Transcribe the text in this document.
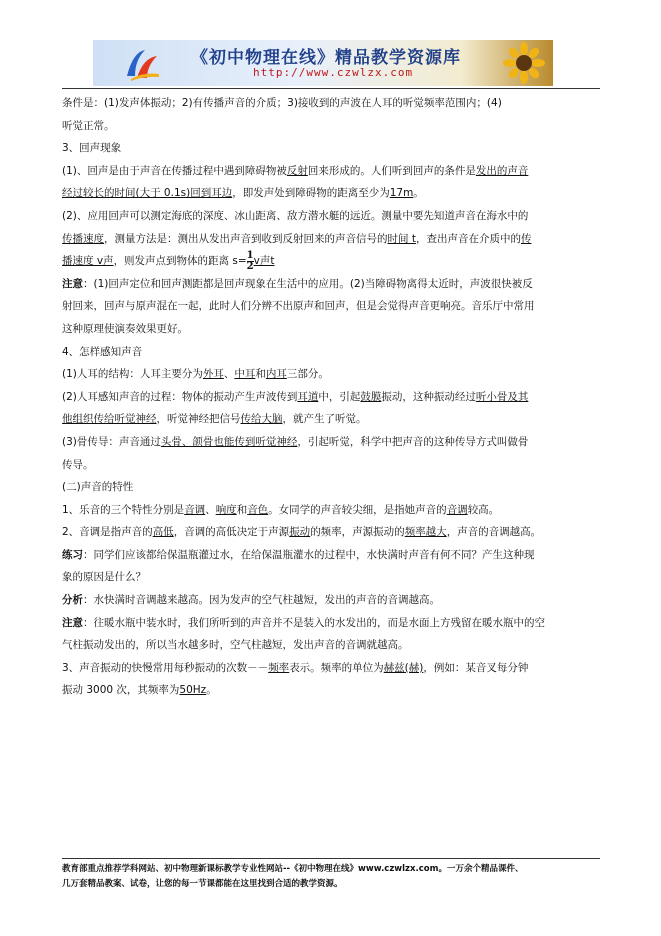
《初中物理在线》精品教学资源库
http://www.czwlzx.com

条件是：(1)发声体振动；2)有传播声音的介质；3)接收到的声波在人耳的听觉频率范围内；(4)

听觉正常。

3、回声现象

(1)、回声是由于声音在传播过程中遇到障碍物被反射回来形成的。人们听到回声的条件是发出的声音

经过较长的时间(大于 0.1s)回到耳边，即发声处到障碍物的距离至少为17m。

(2)、应用回声可以测定海底的深度、冰山距离、敌方潜水艇的远近。测量中要先知道声音在海水中的

传播速度，测量方法是：测出从发出声音到收到反射回来的声音信号的时间 t，查出声音在介质中的传

播速度 v声，则发声点到物体的距离 $s= \frac{1}{2}$ v声t

注意：(1)回声定位和回声测距都是回声现象在生活中的应用。(2)当障碍物离得太近时，声波很快被反

射回来，回声与原声混在一起，此时人们分辨不出原声和回声，但是会觉得声音更响亮。音乐厅中常用

这种原理使演奏效果更好。

4、怎样感知声音

(1)人耳的结构：人耳主要分为外耳、中耳和内耳三部分。

(2)人耳感知声音的过程：物体的振动产生声波传到耳道中，引起鼓膜振动，这种振动经过听小骨及其

他组织传给听觉神经，听觉神经把信号传给大脑，就产生了听觉。

(3)骨传导：声音通过头骨、颌骨也能传到听觉神经，引起听觉，科学中把声音的这种传导方式叫做骨

传导。

(二)声音的特性

1、乐音的三个特性分别是音调、响度和音色。女同学的声音较尖细，是指她声音的音调较高。

2、音调是指声音的高低，音调的高低决定于声源振动的频率，声源振动的频率越大，声音的音调越高。

练习：同学们应该都给保温瓶灌过水，在给保温瓶灌水的过程中，水快满时声音有何不同？产生这种现

象的原因是什么？

分析：水快满时音调越来越高。因为发声的空气柱越短，发出的声音的音调越高。

注意：往暖水瓶中装水时，我们所听到的声音并不是装入的水发出的，而是水面上方残留在暖水瓶中的空

气柱振动发出的，所以当水越多时，空气柱越短，发出声音的音调就越高。

3、声音振动的快慢常用每秒振动的次数－－频率表示。频率的单位为赫兹(赫)，例如：某音叉每分钟

振动 3000 次，其频率为50Hz。

教育部重点推荐学科网站、初中物理新课标教学专业性网站--《初中物理在线》www.czwlzx.com。一万余个精品课件、

几万套精品教案、试卷，让您的每一节课都能在这里找到合适的教学资源。
